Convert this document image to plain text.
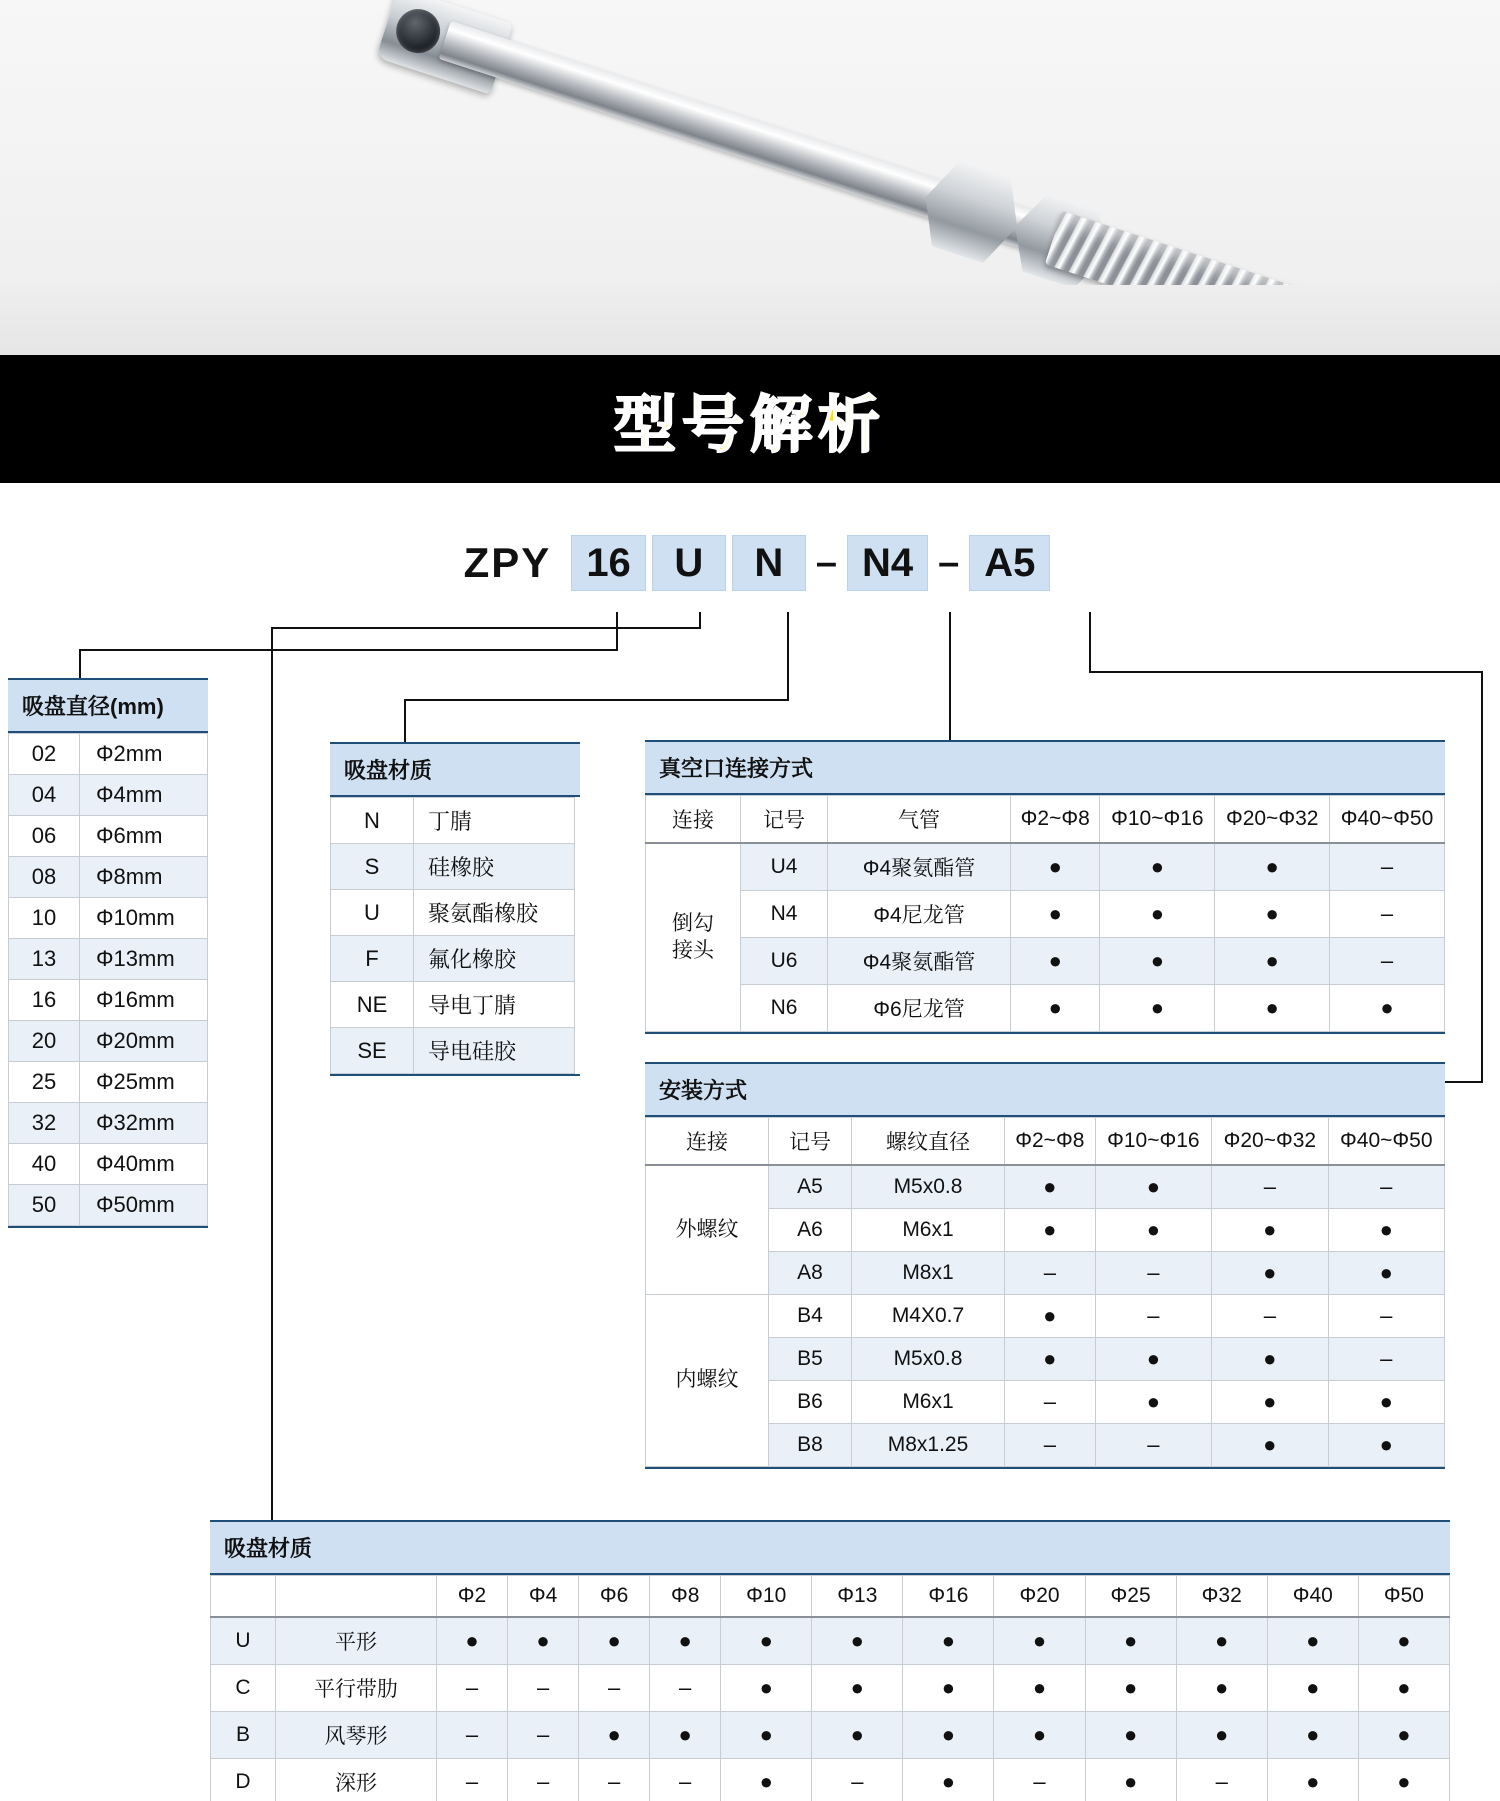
型号解析
ZPY 16	U	N – N4 – A5
吸盘直径(mm)
02	Φ2mm
04	Φ4mm
06	Φ6mm
08	Φ8mm
10	Φ10mm
13	Φ13mm
16	Φ16mm
20	Φ20mm
25	Φ25mm
32	Φ32mm
40	Φ40mm
50	Φ50mm
吸盘材质
N	丁腈
S	硅橡胶
U	聚氨酯橡胶
F	氟化橡胶
NE	导电丁腈
SE	导电硅胶
真空口连接方式
连接	记号	气管	Φ2~Φ8	Φ10~Φ16	Φ20~Φ32	Φ40~Φ50
倒勾
接头	U4	Φ4聚氨酯管	●	●	●	–
	N4	Φ4尼龙管	●	●	●	–
	U6	Φ4聚氨酯管	●	●	●	–
	N6	Φ6尼龙管	●	●	●	●
安装方式
连接	记号	螺纹直径	Φ2~Φ8	Φ10~Φ16	Φ20~Φ32	Φ40~Φ50
外螺纹	A5	M5x0.8	●	●	–	–
	A6	M6x1	●	●	●	●
	A8	M8x1	–	–	●	●
内螺纹	B4	M4X0.7	●	–	–	–
	B5	M5x0.8	●	●	●	–
	B6	M6x1	–	●	●	●
	B8	M8x1.25	–	–	●	●
吸盘材质
		Φ2	Φ4	Φ6	Φ8	Φ10	Φ13	Φ16	Φ20	Φ25	Φ32	Φ40	Φ50
U	平形	●	●	●	●	●	●	●	●	●	●	●	●
C	平行带肋	–	–	–	–	●	●	●	●	●	●	●	●
B	风琴形	–	–	●	●	●	●	●	●	●	●	●	●
D	深形	–	–	–	–	●	–	●	–	●	–	●	●
